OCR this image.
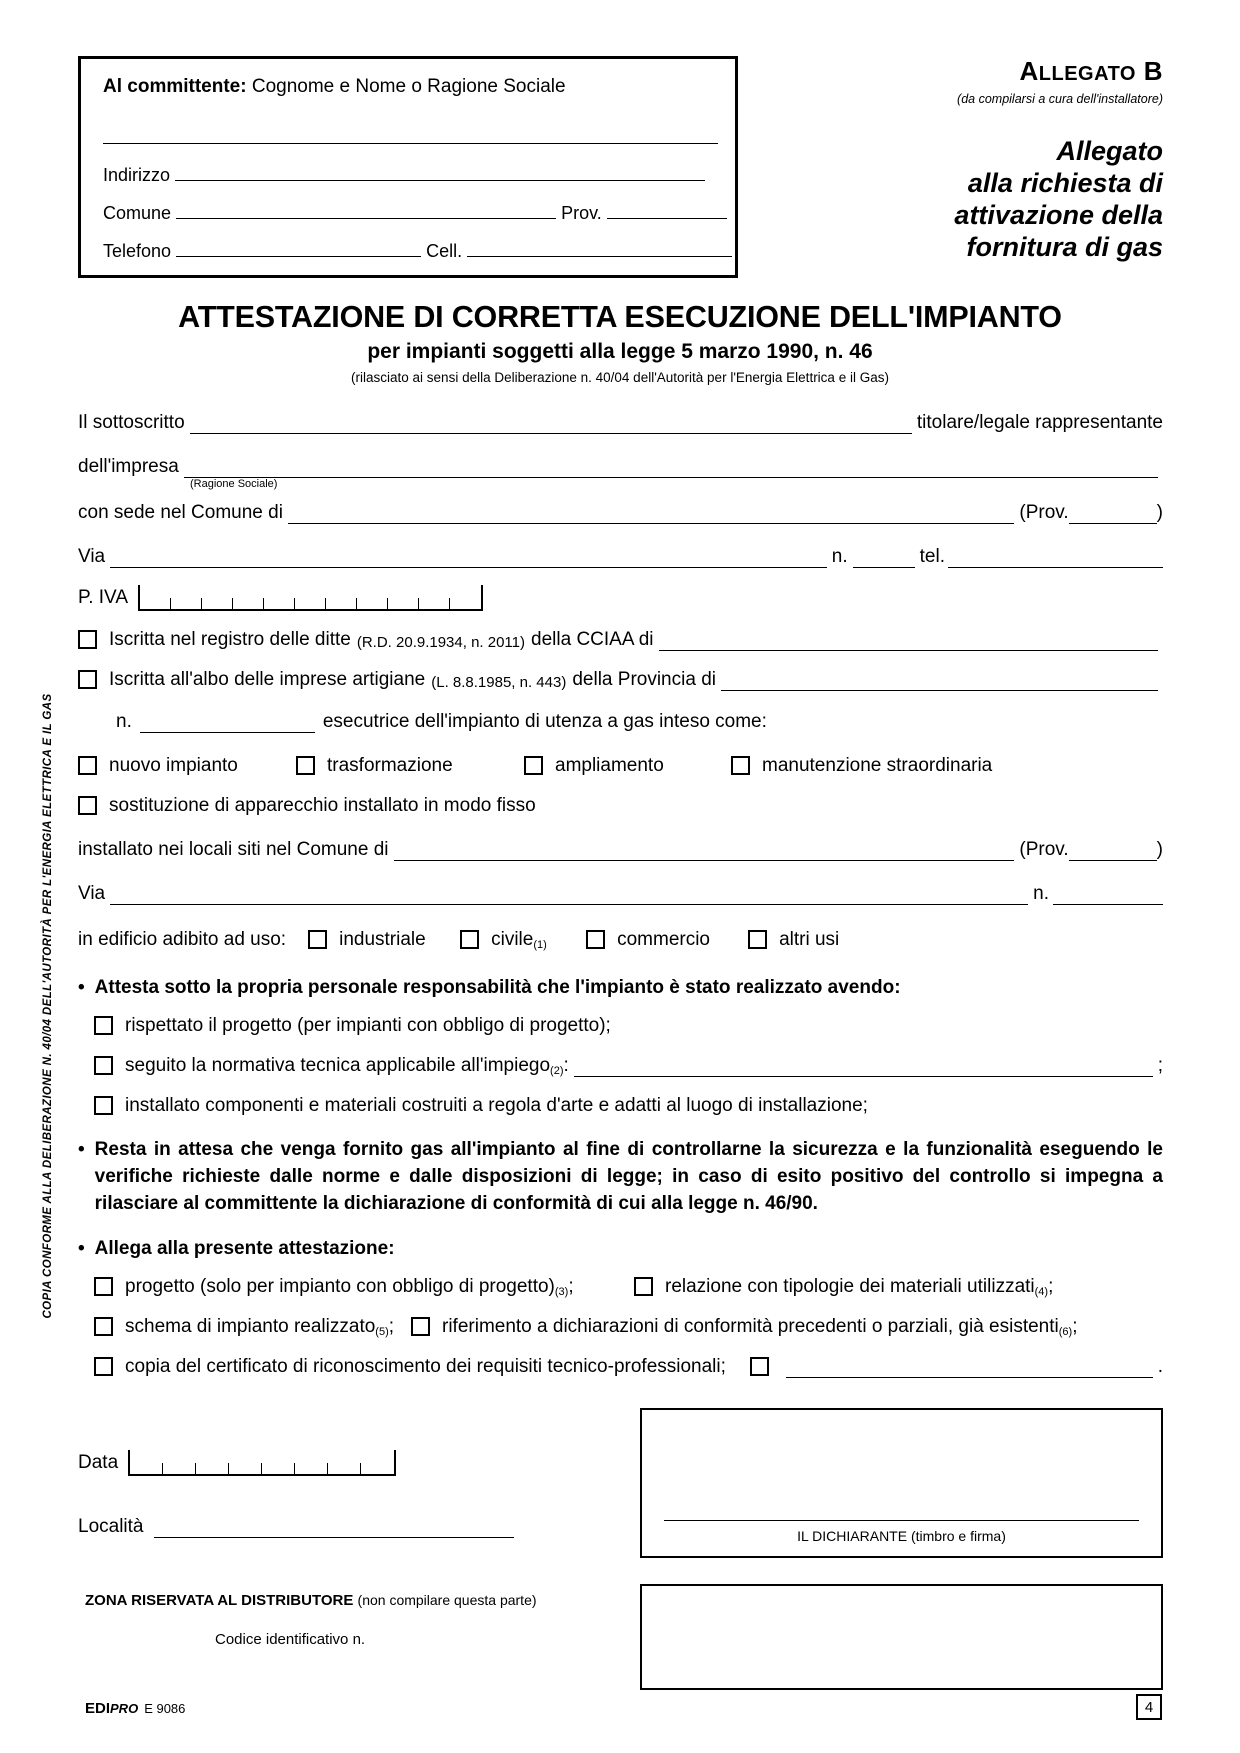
COPIA CONFORME ALLA DELIBERAZIONE N. 40/04 DELL'AUTORITÀ PER L'ENERGIA ELETTRICA E IL GAS
Al committente: Cognome e Nome o Ragione Sociale
Indirizzo
Comune	Prov.
Telefono	Cell.
ALLEGATO B
(da compilarsi a cura dell'installatore)
Allegato
alla richiesta di
attivazione della
fornitura di gas
ATTESTAZIONE DI CORRETTA ESECUZIONE DELL'IMPIANTO
per impianti soggetti alla legge 5 marzo 1990, n. 46
(rilasciato ai sensi della Deliberazione n. 40/04 dell'Autorità per l'Energia Elettrica e il Gas)
Il sottoscritto	titolare/legale rappresentante
dell'impresa
(Ragione Sociale)
con sede nel Comune di	(Prov.	)
Via	n.	tel.
P. IVA
Iscritta nel registro delle ditte (R.D. 20.9.1934, n. 2011) della CCIAA di
Iscritta all'albo delle imprese artigiane (L. 8.8.1985, n. 443) della Provincia di
n.	esecutrice dell'impianto di utenza a gas inteso come:
nuovo impianto	trasformazione	ampliamento	manutenzione straordinaria
sostituzione di apparecchio installato in modo fisso
installato nei locali siti nel Comune di	(Prov.	)
Via	n.
in edificio adibito ad uso:	industriale	civile (1)	commercio	altri usi
• Attesta sotto la propria personale responsabilità che l'impianto è stato realizzato avendo:
rispettato il progetto (per impianti con obbligo di progetto);
seguito la normativa tecnica applicabile all'impiego (2) :	;
installato componenti e materiali costruiti a regola d'arte e adatti al luogo di installazione;
• Resta in attesa che venga fornito gas all'impianto al fine di controllarne la sicurezza e la funzionalità eseguendo le verifiche richieste dalle norme e dalle disposizioni di legge; in caso di esito positivo del controllo si impegna a rilasciare al committente la dichiarazione di conformità di cui alla legge n. 46/90.
• Allega alla presente attestazione:
progetto (solo per impianto con obbligo di progetto) (3) ;	relazione con tipologie dei materiali utilizzati (4) ;
schema di impianto realizzato (5) ;	riferimento a dichiarazioni di conformità precedenti o parziali, già esistenti (6) ;
copia del certificato di riconoscimento dei requisiti tecnico-professionali;	.
Data
Località	IL DICHIARANTE (timbro e firma)
ZONA RISERVATA AL DISTRIBUTORE (non compilare questa parte)
Codice identificativo n.
EDIPRO E 9086	4
